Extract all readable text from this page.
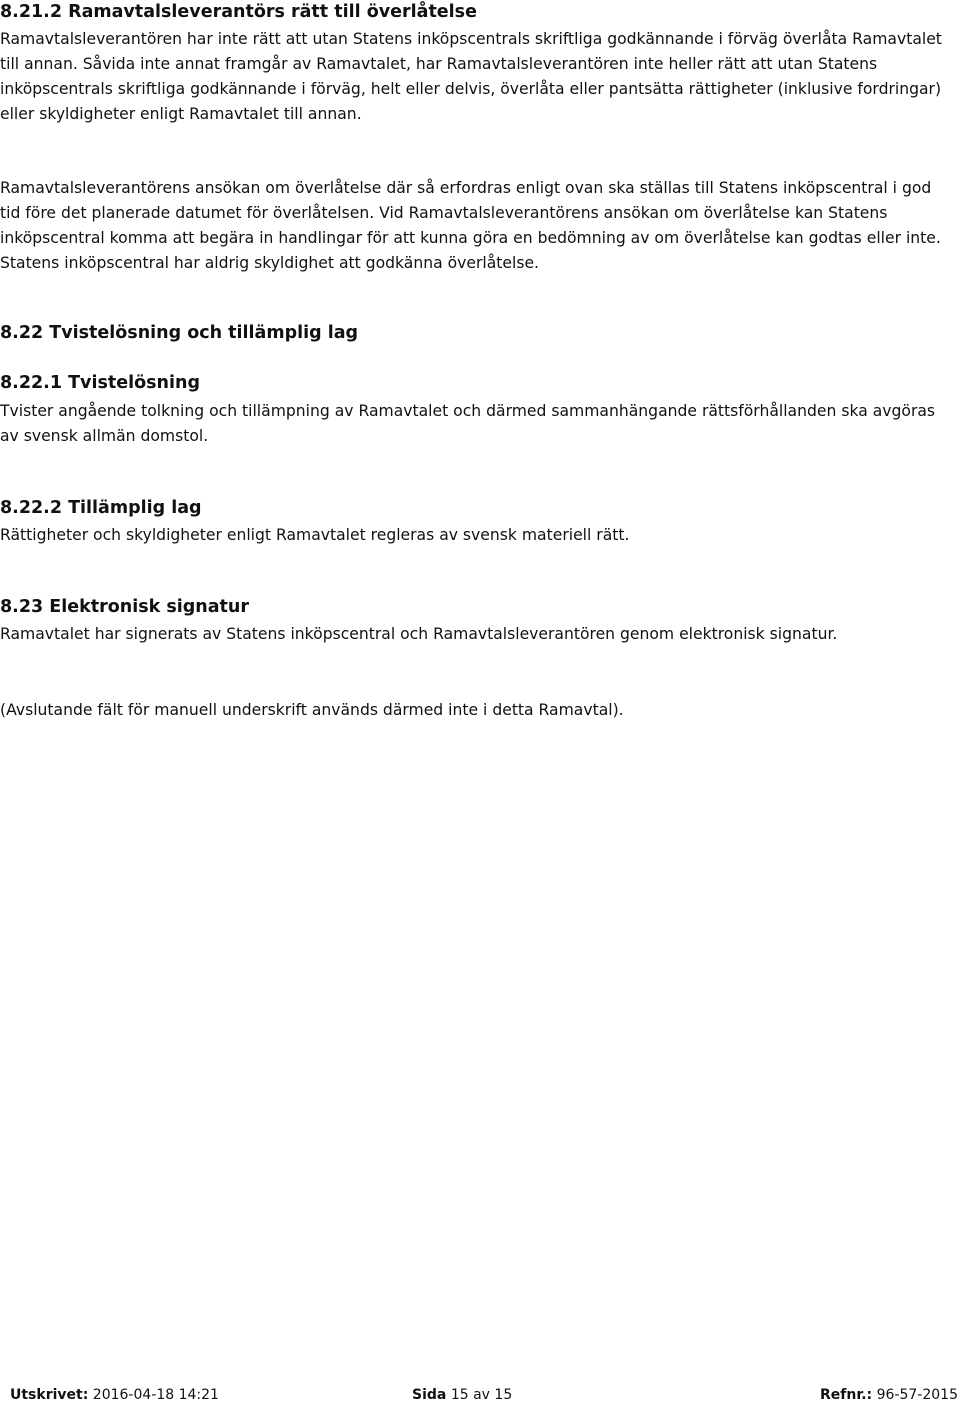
8.21.2 Ramavtalsleverantörs rätt till överlåtelse

Ramavtalsleverantören har inte rätt att utan Statens inköpscentrals skriftliga godkännande i förväg överlåta Ramavtalet till annan. Såvida inte annat framgår av Ramavtalet, har Ramavtalsleverantören inte heller rätt att utan Statens inköpscentrals skriftliga godkännande i förväg, helt eller delvis, överlåta eller pantsätta rättigheter (inklusive fordringar) eller skyldigheter enligt Ramavtalet till annan.

Ramavtalsleverantörens ansökan om överlåtelse där så erfordras enligt ovan ska ställas till Statens inköpscentral i god tid före det planerade datumet för överlåtelsen. Vid Ramavtalsleverantörens ansökan om överlåtelse kan Statens inköpscentral komma att begära in handlingar för att kunna göra en bedömning av om överlåtelse kan godtas eller inte. Statens inköpscentral har aldrig skyldighet att godkänna överlåtelse.

8.22 Tvistelösning och tillämplig lag
8.22.1 Tvistelösning

Tvister angående tolkning och tillämpning av Ramavtalet och därmed sammanhängande rättsförhållanden ska avgöras av svensk allmän domstol.

8.22.2 Tillämplig lag

Rättigheter och skyldigheter enligt Ramavtalet regleras av svensk materiell rätt.

8.23 Elektronisk signatur

Ramavtalet har signerats av Statens inköpscentral och Ramavtalsleverantören genom elektronisk signatur.

(Avslutande fält för manuell underskrift används därmed inte i detta Ramavtal).

Utskrivet: 2016-04-18 14:21	Sida 15 av 15	Refnr.: 96-57-2015
